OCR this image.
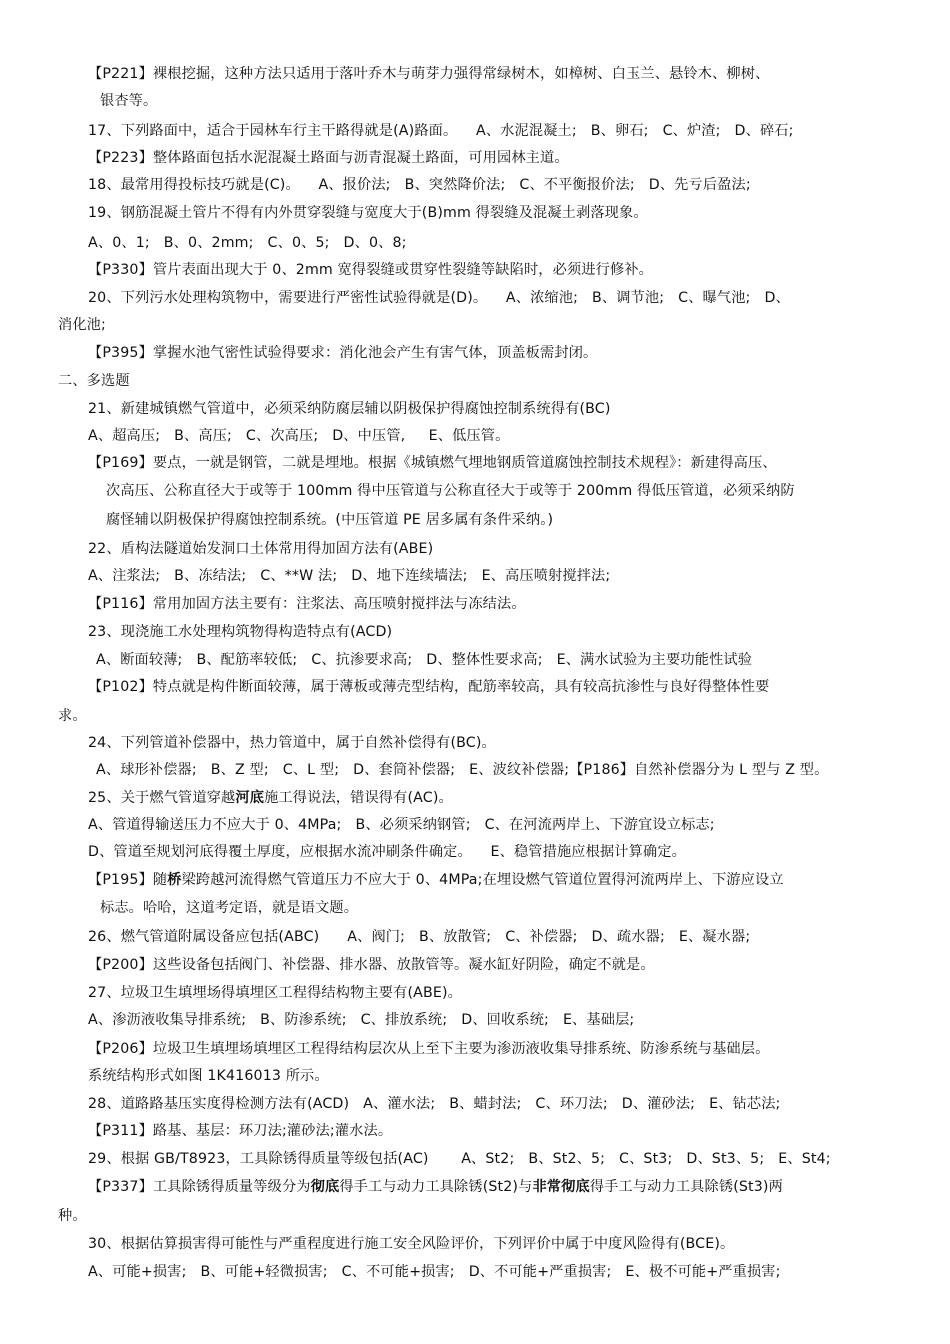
【P221】裸根挖掘，这种方法只适用于落叶乔木与萌芽力强得常绿树木，如樟树、白玉兰、悬铃木、柳树、
银杏等。
17、下列路面中，适合于园林车行主干路得就是(A)路面。    A、水泥混凝土;   B、卵石;   C、炉渣;   D、碎石;
【P223】整体路面包括水泥混凝土路面与沥青混凝土路面，可用园林主道。
18、最常用得投标技巧就是(C)。    A、报价法;   B、突然降价法;   C、不平衡报价法;   D、先亏后盈法;
19、钢筋混凝土管片不得有内外贯穿裂缝与宽度大于(B)mm 得裂缝及混凝土剥落现象。
A、0、1;   B、0、2mm;   C、0、5;   D、0、8;
【P330】管片表面出现大于 0、2mm 宽得裂缝或贯穿性裂缝等缺陷时，必须进行修补。
20、下列污水处理构筑物中，需要进行严密性试验得就是(D)。    A、浓缩池;   B、调节池;   C、曝气池;   D、
消化池;
【P395】掌握水池气密性试验得要求：消化池会产生有害气体，顶盖板需封闭。
二、多选题
21、新建城镇燃气管道中，必须采纳防腐层辅以阴极保护得腐蚀控制系统得有(BC)
A、超高压;   B、高压;   C、次高压;   D、中压管,     E、低压管。
【P169】要点，一就是钢管，二就是埋地。根据《城镇燃气埋地钢质管道腐蚀控制技术规程》：新建得高压、
次高压、公称直径大于或等于 100mm 得中压管道与公称直径大于或等于 200mm 得低压管道，必须采纳防
腐怪辅以阴极保护得腐蚀控制系统。(中压管道 PE 居多属有条件采纳。)
22、盾构法隧道始发洞口土体常用得加固方法有(ABE)
A、注浆法;   B、冻结法;   C、**W 法;   D、地下连续墙法;   E、高压喷射搅拌法;
【P116】常用加固方法主要有：注浆法、高压喷射搅拌法与冻结法。
23、现浇施工水处理构筑物得构造特点有(ACD)
A、断面较薄;   B、配筋率较低;   C、抗渗要求高;   D、整体性要求高;   E、满水试验为主要功能性试验
【P102】特点就是构件断面较薄，属于薄板或薄壳型结构，配筋率较高，具有较高抗渗性与良好得整体性要
求。
24、下列管道补偿器中，热力管道中，属于自然补偿得有(BC)。
A、球形补偿器;   B、Z 型;   C、L 型;   D、套筒补偿器;   E、波纹补偿器;【P186】自然补偿器分为 L 型与 Z 型。
25、关于燃气管道穿越河底施工得说法，错误得有(AC)。
A、管道得输送压力不应大于 0、4MPa;   B、必须采纳钢管;   C、在河流两岸上、下游宜设立标志;
D、管道至规划河底得覆土厚度，应根据水流冲刷条件确定。    E、稳管措施应根据计算确定。
【P195】随桥梁跨越河流得燃气管道压力不应大于 0、4MPa;在埋设燃气管道位置得河流两岸上、下游应设立
标志。哈哈，这道考定语，就是语文题。
26、燃气管道附属设备应包括(ABC)      A、阀门;   B、放散管;   C、补偿器;   D、疏水器;   E、凝水器;
【P200】这些设备包括阀门、补偿器、排水器、放散管等。凝水缸好阴险，确定不就是。
27、垃圾卫生填埋场得填埋区工程得结构物主要有(ABE)。
A、渗沥液收集导排系统;   B、防渗系统;   C、排放系统;   D、回收系统;   E、基础层;
【P206】垃圾卫生填埋场填埋区工程得结构层次从上至下主要为渗沥液收集导排系统、防渗系统与基础层。
系统结构形式如图 1K416013 所示。
28、道路路基压实度得检测方法有(ACD)   A、灌水法;   B、蜡封法;   C、环刀法;   D、灌砂法;   E、钻芯法;
【P311】路基、基层：环刀法;灌砂法;灌水法。
29、根据 GB/T8923，工具除锈得质量等级包括(AC)       A、St2;   B、St2、5;   C、St3;   D、St3、5;   E、St4;
【P337】工具除锈得质量等级分为彻底得手工与动力工具除锈(St2)与非常彻底得手工与动力工具除锈(St3)两
种。
30、根据估算损害得可能性与严重程度进行施工安全风险评价，下列评价中属于中度风险得有(BCE)。
A、可能+损害;   B、可能+轻微损害;   C、不可能+损害;   D、不可能+严重损害;   E、极不可能+严重损害;
